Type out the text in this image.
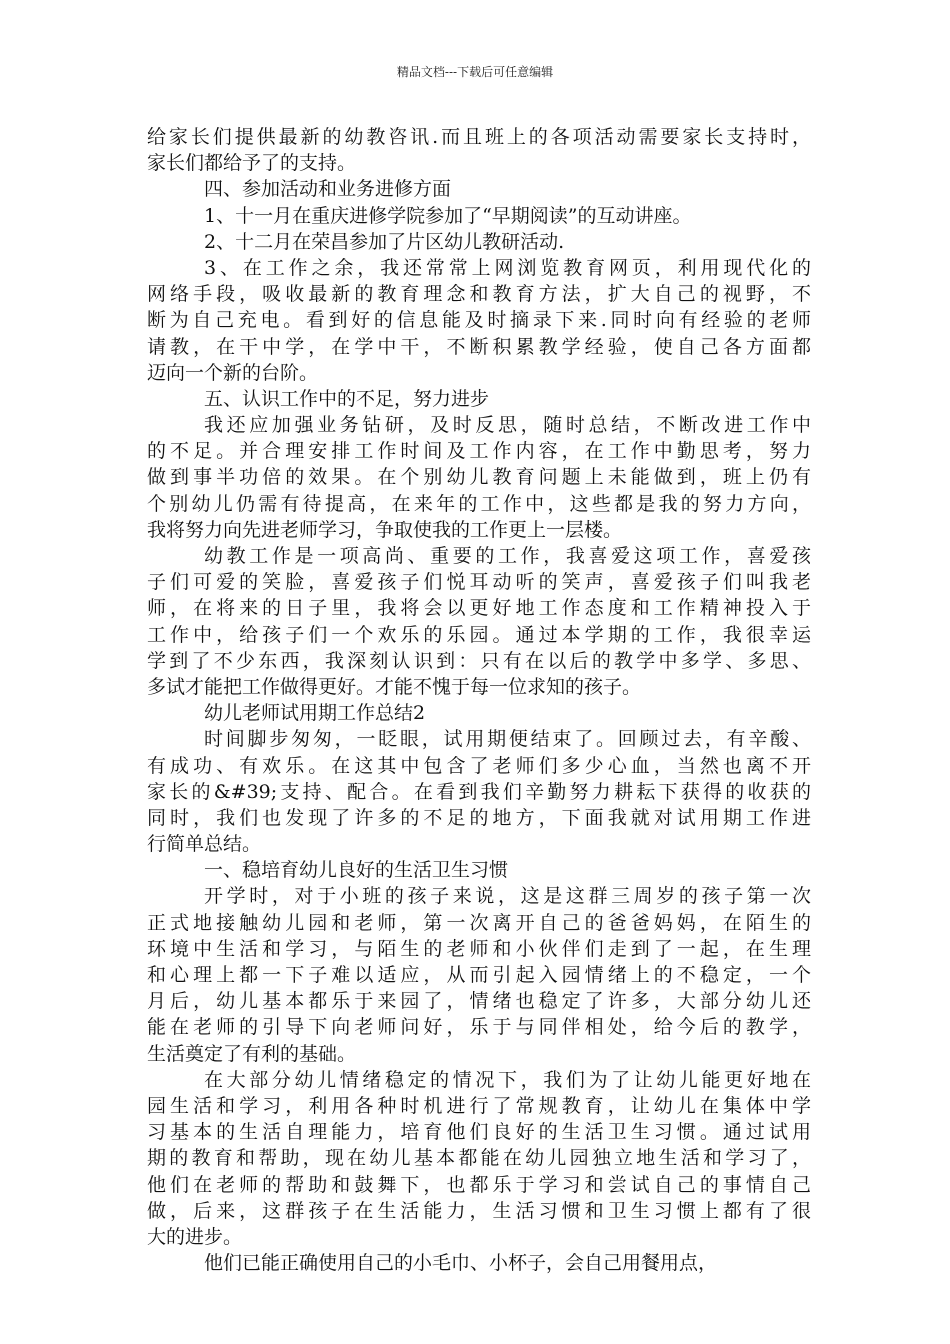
精品文档---下载后可任意编辑
给家长们提供最新的幼教咨讯.而且班上的各项活动需要家长支持时，
家长们都给予了的支持。
四、参加活动和业务进修方面
1、十一月在重庆进修学院参加了“早期阅读”的互动讲座。
2、十二月在荣昌参加了片区幼儿教研活动.
3、在工作之余，我还常常上网浏览教育网页，利用现代化的
网络手段，吸收最新的教育理念和教育方法，扩大自己的视野，不
断为自己充电。看到好的信息能及时摘录下来.同时向有经验的老师
请教，在干中学，在学中干，不断积累教学经验，使自己各方面都
迈向一个新的台阶。
五、认识工作中的不足，努力进步
我还应加强业务钻研，及时反思，随时总结，不断改进工作中
的不足。并合理安排工作时间及工作内容，在工作中勤思考，努力
做到事半功倍的效果。在个别幼儿教育问题上未能做到，班上仍有
个别幼儿仍需有待提高，在来年的工作中，这些都是我的努力方向，
我将努力向先进老师学习，争取使我的工作更上一层楼。
幼教工作是一项高尚、重要的工作，我喜爱这项工作，喜爱孩
子们可爱的笑脸，喜爱孩子们悦耳动听的笑声，喜爱孩子们叫我老
师，在将来的日子里，我将会以更好地工作态度和工作精神投入于
工作中，给孩子们一个欢乐的乐园。通过本学期的工作，我很幸运
学到了不少东西，我深刻认识到：只有在以后的教学中多学、多思、
多试才能把工作做得更好。才能不愧于每一位求知的孩子。
幼儿老师试用期工作总结2
时间脚步匆匆，一眨眼，试用期便结束了。回顾过去，有辛酸、
有成功、有欢乐。在这其中包含了老师们多少心血，当然也离不开
家长的&#39;支持、配合。在看到我们辛勤努力耕耘下获得的收获的
同时，我们也发现了许多的不足的地方，下面我就对试用期工作进
行简单总结。
一、稳培育幼儿良好的生活卫生习惯
开学时，对于小班的孩子来说，这是这群三周岁的孩子第一次
正式地接触幼儿园和老师，第一次离开自己的爸爸妈妈，在陌生的
环境中生活和学习，与陌生的老师和小伙伴们走到了一起，在生理
和心理上都一下子难以适应，从而引起入园情绪上的不稳定，一个
月后，幼儿基本都乐于来园了，情绪也稳定了许多，大部分幼儿还
能在老师的引导下向老师问好，乐于与同伴相处，给今后的教学，
生活奠定了有利的基础。
在大部分幼儿情绪稳定的情况下，我们为了让幼儿能更好地在
园生活和学习，利用各种时机进行了常规教育，让幼儿在集体中学
习基本的生活自理能力，培育他们良好的生活卫生习惯。通过试用
期的教育和帮助，现在幼儿基本都能在幼儿园独立地生活和学习了，
他们在老师的帮助和鼓舞下，也都乐于学习和尝试自己的事情自己
做，后来，这群孩子在生活能力，生活习惯和卫生习惯上都有了很
大的进步。
他们已能正确使用自己的小毛巾、小杯子，会自己用餐用点，
